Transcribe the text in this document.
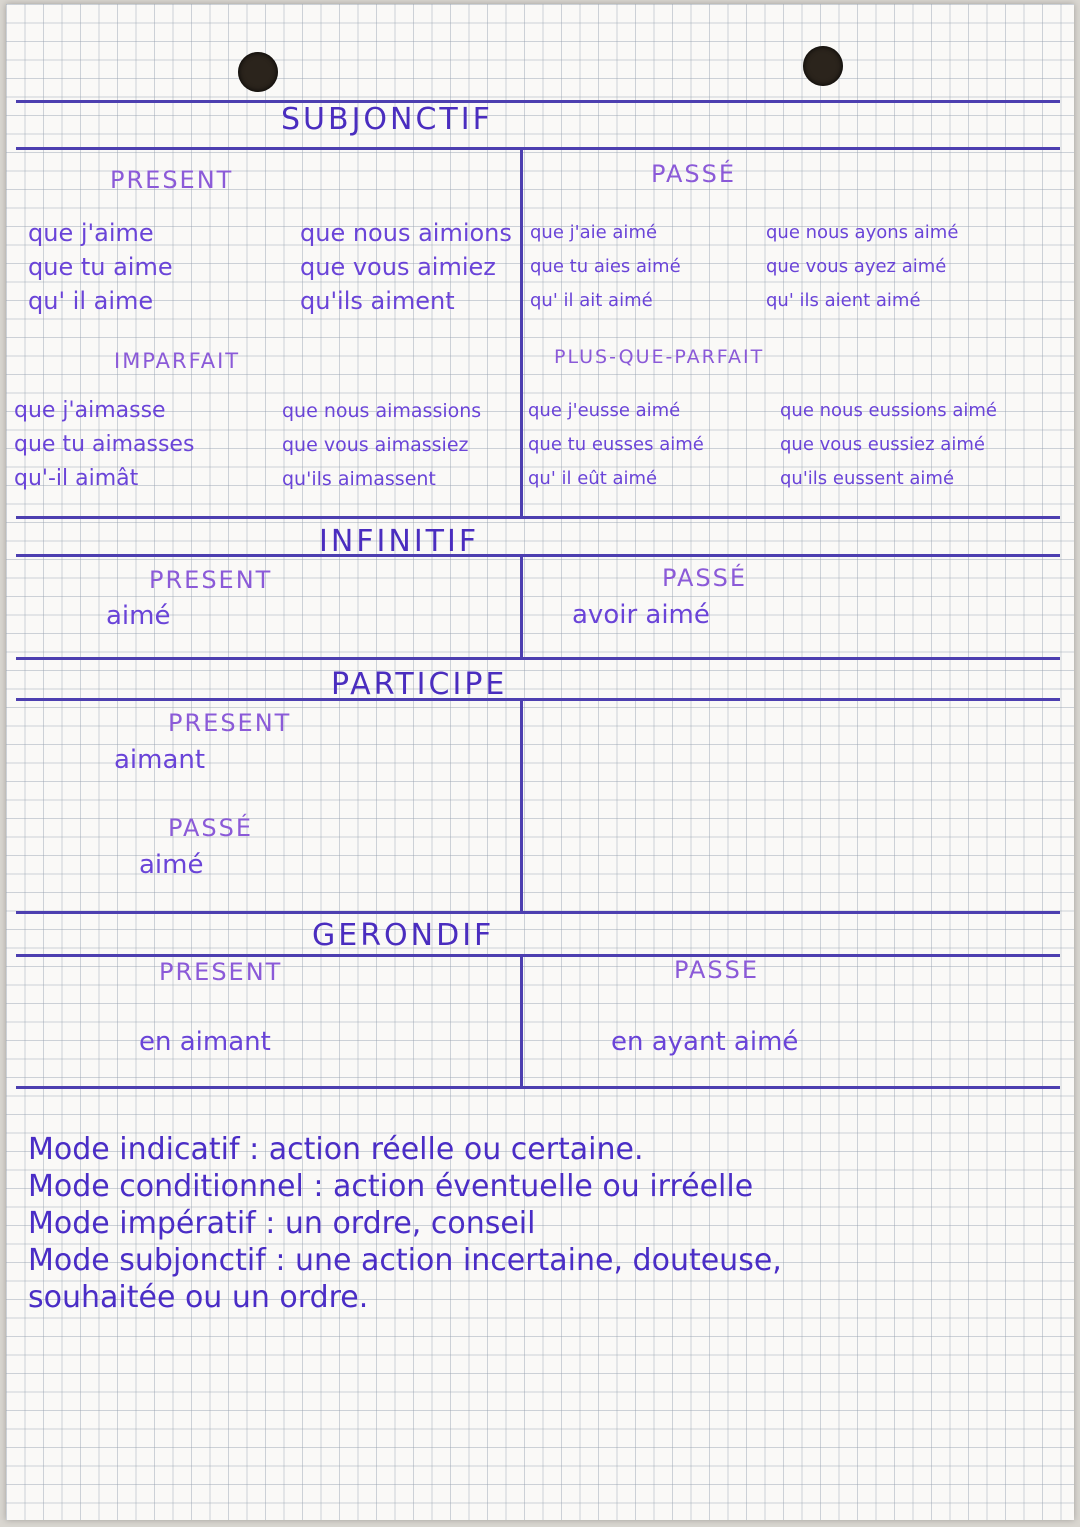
SUBJONCTIF
PRESENT
que j'aime
que tu aime
qu' il aime
que nous aimions
que vous aimiez
qu'ils aiment
PASSÉ
que j'aie aimé
que tu aies aimé
qu' il ait aimé
que nous ayons aimé
que vous ayez aimé
qu' ils aient aimé
IMPARFAIT
que j'aimasse
que tu aimasses
qu'-il aimât
que nous aimassions
que vous aimassiez
qu'ils aimassent
PLUS-QUE-PARFAIT
que j'eusse aimé
que tu eusses aimé
qu' il eût aimé
que nous eussions aimé
que vous eussiez aimé
qu'ils eussent aimé
INFINITIF
PRESENT
aimé
PASSÉ
avoir aimé
PARTICIPE
PRESENT
aimant
PASSÉ
aimé
GERONDIF
PRESENT
en aimant
PASSE
en ayant aimé
Mode indicatif : action réelle ou certaine.
Mode conditionnel : action éventuelle ou irréelle
Mode impératif : un ordre, conseil
Mode subjonctif : une action incertaine, douteuse,
souhaitée ou un ordre.
